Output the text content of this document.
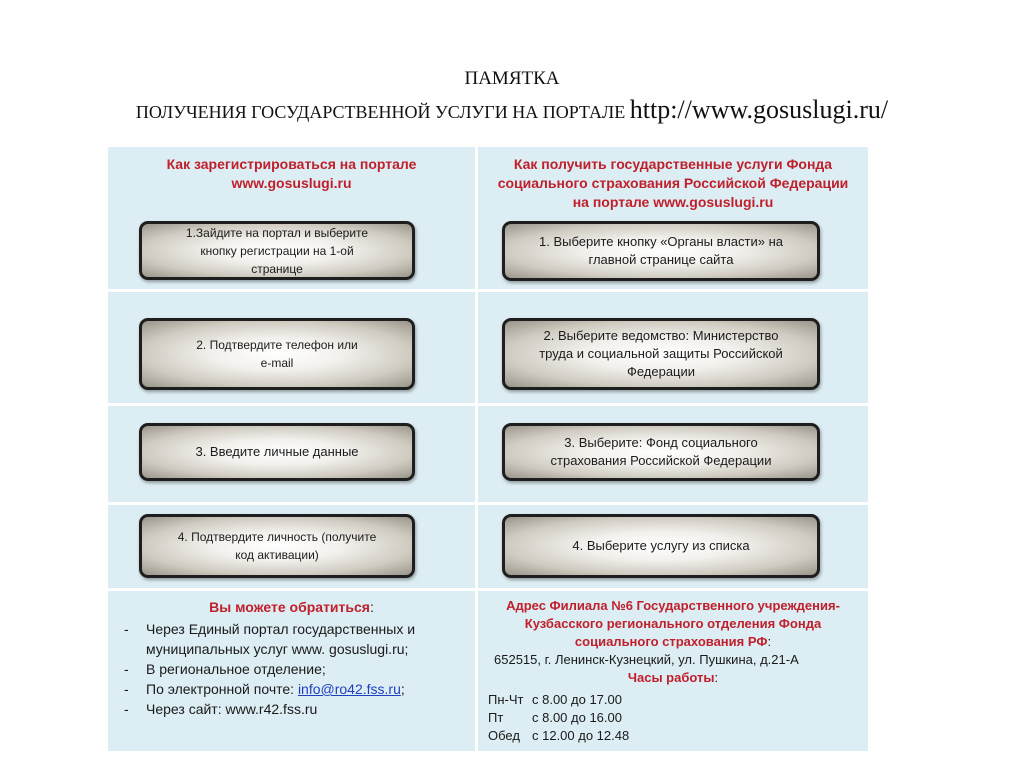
ПАМЯТКА
ПОЛУЧЕНИЯ ГОСУДАРСТВЕННОЙ УСЛУГИ НА ПОРТАЛЕ http://www.gosuslugi.ru/
Как зарегистрироваться на портале
www.gosuslugi.ru
1.Зайдите на портал и выберите
кнопку регистрации на 1-ой
странице
Как получить государственные услуги Фонда
социального страхования Российской Федерации
на портале www.gosuslugi.ru
1. Выберите кнопку «Органы власти» на
главной странице сайта
2. Подтвердите телефон или
e-mail
2. Выберите ведомство: Министерство
труда и социальной защиты Российской
Федерации
3. Введите личные данные
3. Выберите: Фонд социального
страхования Российской Федерации
4. Подтвердите личность (получите
код активации)
4. Выберите услугу из списка
Вы можете обратиться:
- Через Единый портал государственных и
муниципальных услуг www. gosuslugi.ru;
- В региональное отделение;
- По электронной почте: info@ro42.fss.ru;
- Через сайт: www.r42.fss.ru
Адрес Филиала №6 Государственного учреждения-
Кузбасского регионального отделения Фонда
социального страхования РФ:
652515, г. Ленинск-Кузнецкий, ул. Пушкина, д.21-А
Часы работы:
Пн-Чт с 8.00 до 17.00
Пт	с 8.00 до 16.00
Обед с 12.00 до 12.48
